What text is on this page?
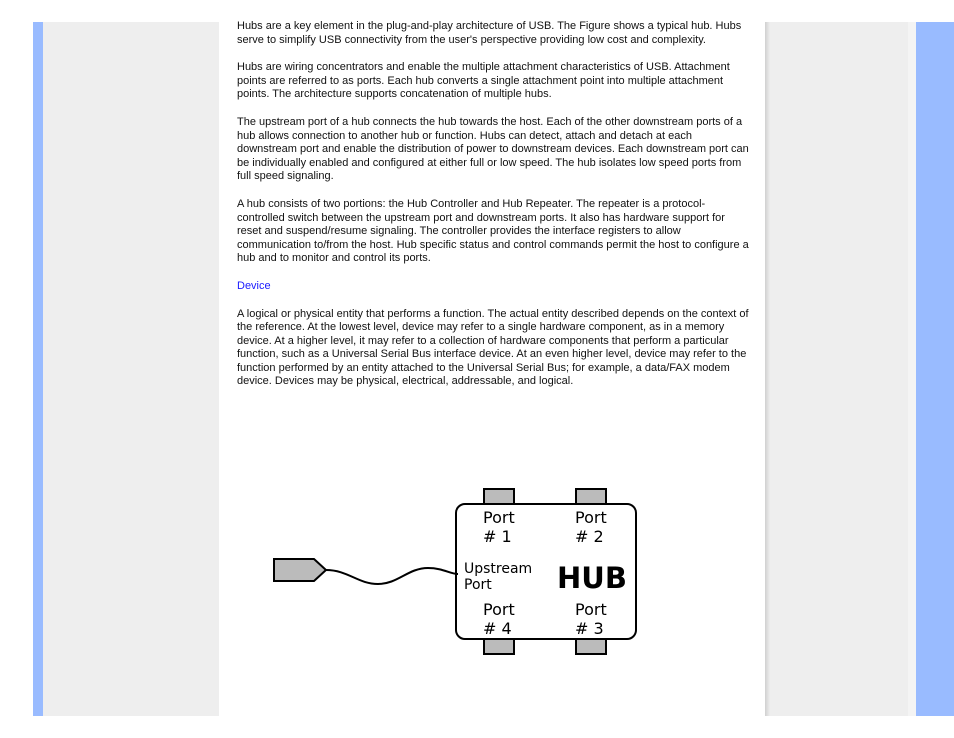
Hubs are a key element in the plug-and-play architecture of USB. The Figure shows a typical hub. Hubs serve to simplify USB connectivity from the user's perspective providing low cost and complexity.

Hubs are wiring concentrators and enable the multiple attachment characteristics of USB. Attachment points are referred to as ports. Each hub converts a single attachment point into multiple attachment points. The architecture supports concatenation of multiple hubs.

The upstream port of a hub connects the hub towards the host. Each of the other downstream ports of a hub allows connection to another hub or function. Hubs can detect, attach and detach at each downstream port and enable the distribution of power to downstream devices. Each downstream port can be individually enabled and configured at either full or low speed. The hub isolates low speed ports from full speed signaling.

A hub consists of two portions: the Hub Controller and Hub Repeater. The repeater is a protocol-controlled switch between the upstream port and downstream ports. It also has hardware support for reset and suspend/resume signaling. The controller provides the interface registers to allow communication to/from the host. Hub specific status and control commands permit the host to configure a hub and to monitor and control its ports.

Device

A logical or physical entity that performs a function. The actual entity described depends on the context of the reference. At the lowest level, device may refer to a single hardware component, as in a memory device. At a higher level, it may refer to a collection of hardware components that perform a particular function, such as a Universal Serial Bus interface device. At an even higher level, device may refer to the function performed by an entity attached to the Universal Serial Bus; for example, a data/FAX modem device. Devices may be physical, electrical, addressable, and logical.

Port
# 1
Port
# 2
Upstream
Port HUB
Port
# 4
Port
# 3
